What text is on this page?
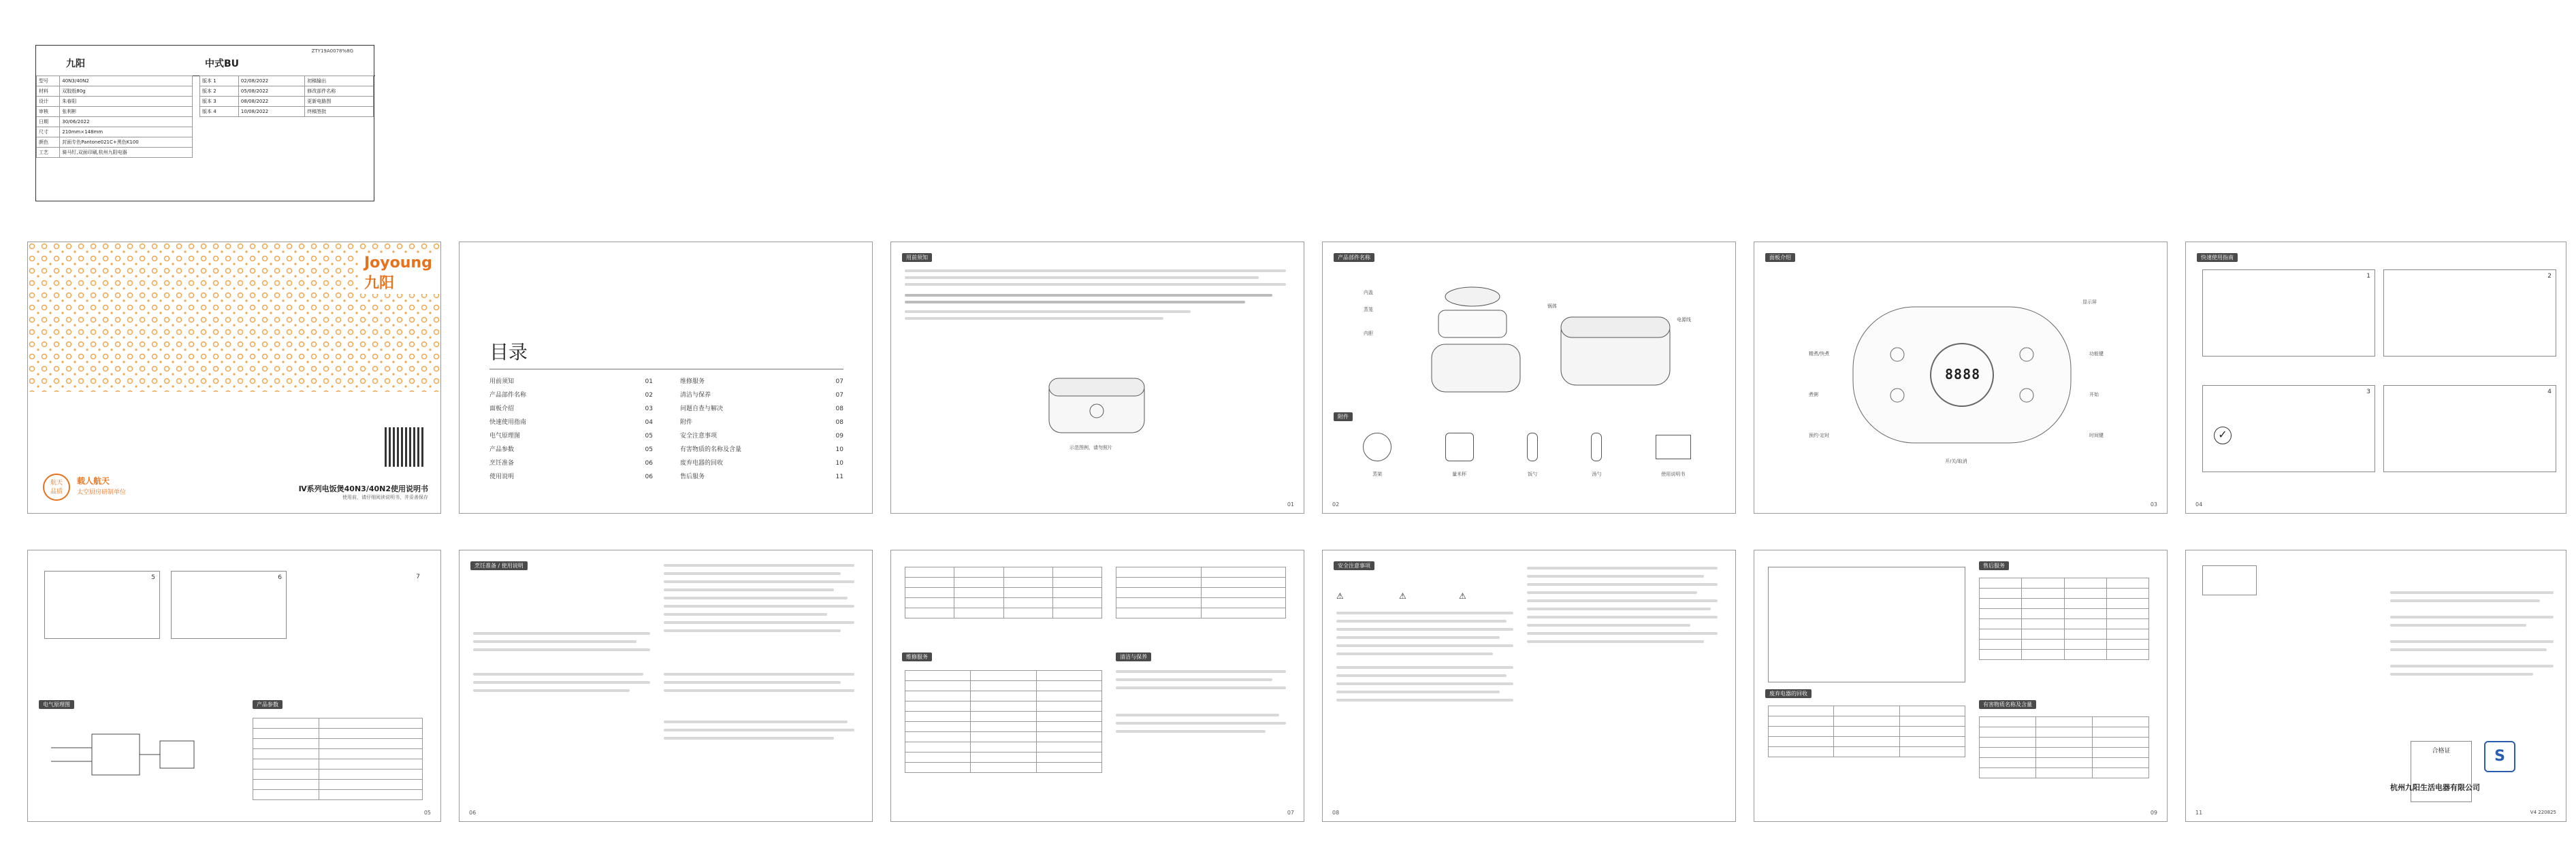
ZTY19A0078%8G
九阳	中式BU
型号	40N3/40N2
材料	双胶纸80g
设计	朱春阳
审核	张利彬
日期	30/06/2022
尺寸	210mm×148mm
颜色	封面专色Pantone021C+黑色K100
工艺	骑马钉,双面印刷,杭州九阳电器
版本 1	02/08/2022	初稿输出
版本 2	05/08/2022	修改部件名称
版本 3	08/08/2022	更新电路图
版本 4	10/08/2022	终稿签批
Joyoung 九阳
航天
品质
载人航天
太空厨房研制单位	Ⅳ系列电饭煲40N3/40N2使用说明书
使用前，请仔细阅读说明书，并妥善保存
目录
用前须知	01
产品部件名称	02
面板介绍	03
快速使用指南	04
电气原理图	05
产品参数	05
烹饪准备	06
使用说明	06
维修服务	07
清洁与保养	07
问题自查与解决	08
附件	08
安全注意事项	09
有害物质的名称及含量	10
废弃电器的回收	10
售后服务	11
用前须知
示范图例，请勿照片
01
产品部件名称
内盖
蒸笼
内胆
锅体
电源线
附件
蒸架	量米杯	饭勺	汤勺	使用说明书
02
面板介绍
8888
精煮/快煮
煮粥
预约·定时
功能键
开始
时间键
显示屏
开/关/取消
03
快速使用指南
1	2
3
✓
4
04
5	6	7
电气原理图	产品参数

05
烹饪准备 / 使用说明
06
维修服务

			清洁与保养

07
安全注意事项
⚠	⚠	⚠
08
售后服务

废弃电器的回收

有害物质名称及含量

09
合格证	S
杭州九阳生活电器有限公司
V4 220825
11
